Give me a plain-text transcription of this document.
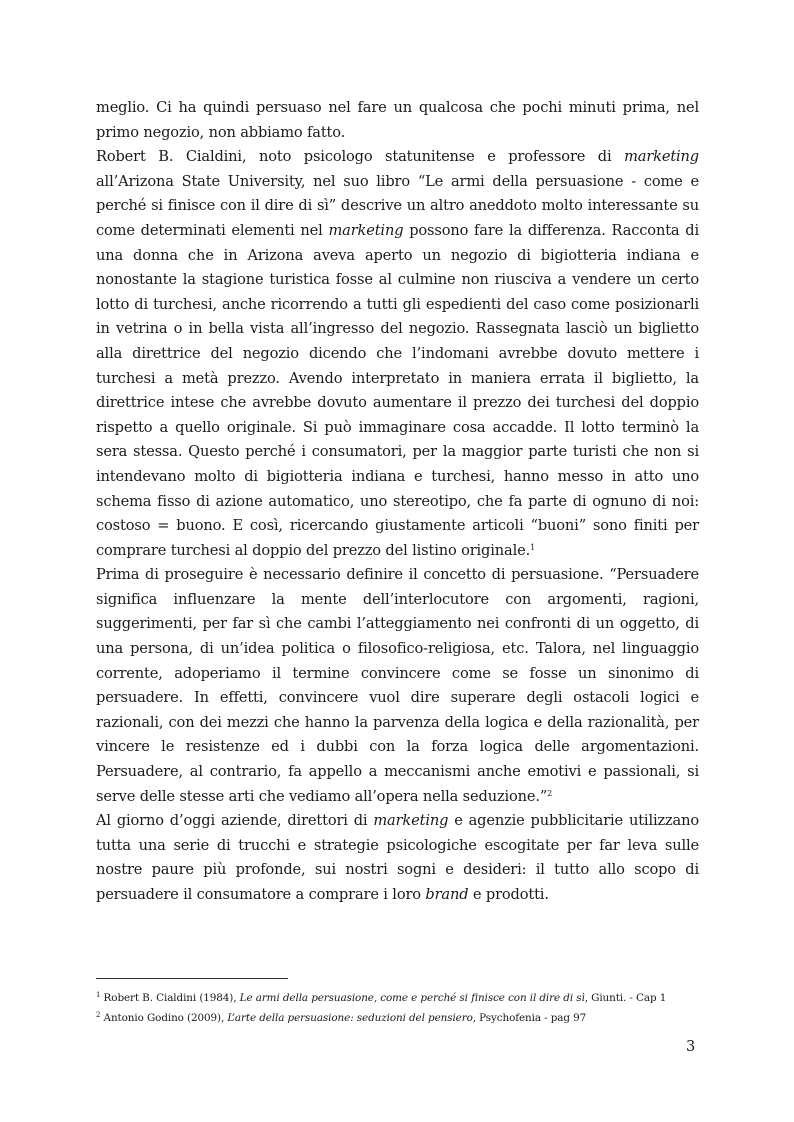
meglio. Ci ha quindi persuaso nel fare un qualcosa che pochi minuti prima, nel primo negozio, non abbiamo fatto.

Robert B. Cialdini, noto psicologo statunitense e professore di marketing all’Arizona State University, nel suo libro “Le armi della persuasione - come e perché si finisce con il dire di sì” descrive un altro aneddoto molto interessante su come determinati elementi nel marketing possono fare la differenza. Racconta di una donna che in Arizona aveva aperto un negozio di bigiotteria indiana e nonostante la stagione turistica fosse al culmine non riusciva a vendere un certo lotto di turchesi, anche ricorrendo a tutti gli espedienti del caso come posizionarli in vetrina o in bella vista all’ingresso del negozio. Rassegnata lasciò un biglietto alla direttrice del negozio dicendo che l’indomani avrebbe dovuto mettere i turchesi a metà prezzo. Avendo interpretato in maniera errata il biglietto, la direttrice intese che avrebbe dovuto aumentare il prezzo dei turchesi del doppio rispetto a quello originale. Si può immaginare cosa accadde. Il lotto terminò la sera stessa. Questo perché i consumatori, per la maggior parte turisti che non si intendevano molto di bigiotteria indiana e turchesi, hanno messo in atto uno schema fisso di azione automatico, uno stereotipo, che fa parte di ognuno di noi: costoso = buono. E così, ricercando giustamente articoli “buoni” sono finiti per comprare turchesi al doppio del prezzo del listino originale.$^1$

Prima di proseguire è necessario definire il concetto di persuasione. “Persuadere significa influenzare la mente dell’interlocutore con argomenti, ragioni, suggerimenti, per far sì che cambi l’atteggiamento nei confronti di un oggetto, di una persona, di un’idea politica o filosofico-religiosa, etc. Talora, nel linguaggio corrente, adoperiamo il termine convincere come se fosse un sinonimo di persuadere. In effetti, convincere vuol dire superare degli ostacoli logici e razionali, con dei mezzi che hanno la parvenza della logica e della razionalità, per vincere le resistenze ed i dubbi con la forza logica delle argomentazioni. Persuadere, al contrario, fa appello a meccanismi anche emotivi e passionali, si serve delle stesse arti che vediamo all’opera nella seduzione.”$^2$

Al giorno d’oggi aziende, direttori di marketing e agenzie pubblicitarie utilizzano tutta una serie di trucchi e strategie psicologiche escogitate per far leva sulle nostre paure più profonde, sui nostri sogni e desideri: il tutto allo scopo di persuadere il consumatore a comprare i loro brand e prodotti.

$^1$ Robert B. Cialdini (1984), Le armi della persuasione, come e perché si finisce con il dire di sì, Giunti. - Cap 1

$^2$ Antonio Godino (2009), L’arte della persuasione: seduzioni del pensiero, Psychofenia - pag 97

3
